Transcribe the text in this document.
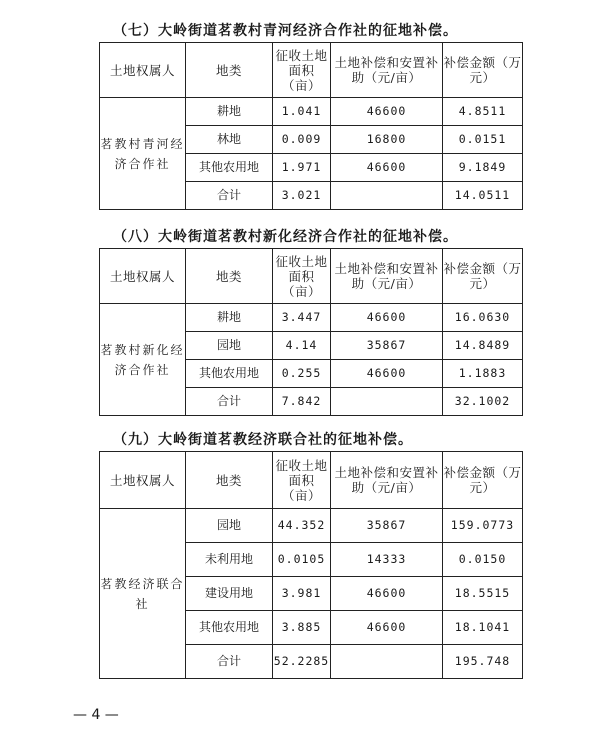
（七）大岭街道茗教村青河经济合作社的征地补偿。
土地权属人	地类	征收土地面积（亩）	土地补偿和安置补助（元/亩）	补偿金额（万元）
茗教村青河经济合作社	耕地	1.041	46600	4.8511
	林地	0.009	16800	0.0151
	其他农用地	1.971	46600	9.1849
	合计	3.021		14.0511
（八）大岭街道茗教村新化经济合作社的征地补偿。
土地权属人	地类	征收土地面积（亩）	土地补偿和安置补助（元/亩）	补偿金额（万元）
茗教村新化经济合作社	耕地	3.447	46600	16.0630
	园地	4.14	35867	14.8489
	其他农用地	0.255	46600	1.1883
	合计	7.842		32.1002
（九）大岭街道茗教经济联合社的征地补偿。
土地权属人	地类	征收土地面积（亩）	土地补偿和安置补助（元/亩）	补偿金额（万元）
茗教经济联合社	园地	44.352	35867	159.0773
	未利用地	0.0105	14333	0.0150
	建设用地	3.981	46600	18.5515
	其他农用地	3.885	46600	18.1041
	合计	52.2285		195.748
— 4 —
